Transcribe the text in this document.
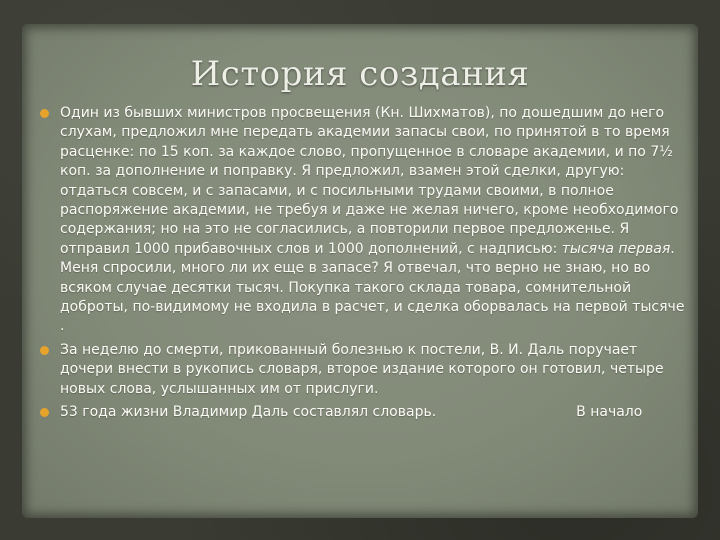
История создания

Один из бывших министров просвещения (Кн. Шихматов), по дошедшим до него слухам, предложил мне передать академии запасы свои, по принятой в то время расценке: по 15 коп. за каждое слово, пропущенное в словаре академии, и по 7½ коп. за дополнение и поправку. Я предложил, взамен этой сделки, другую: отдаться совсем, и с запасами, и с посильными трудами своими, в полное распоряжение академии, не требуя и даже не желая ничего, кроме необходимого содержания; но на это не согласились, а повторили первое предложенье. Я отправил 1000 прибавочных слов и 1000 дополнений, с надписью: тысяча первая. Меня спросили, много ли их еще в запасе? Я отвечал, что верно не знаю, но во всяком случае десятки тысяч. Покупка такого склада товара, сомнительной доброты, по-видимому не входила в расчет, и сделка оборвалась на первой тысяче .

За неделю до смерти, прикованный болезнью к постели, В. И. Даль поручает дочери внести в рукопись словаря, второе издание которого он готовил, четыре новых слова, услышанных им от прислуги.

53 года жизни Владимир Даль составлял словарь.	В начало
